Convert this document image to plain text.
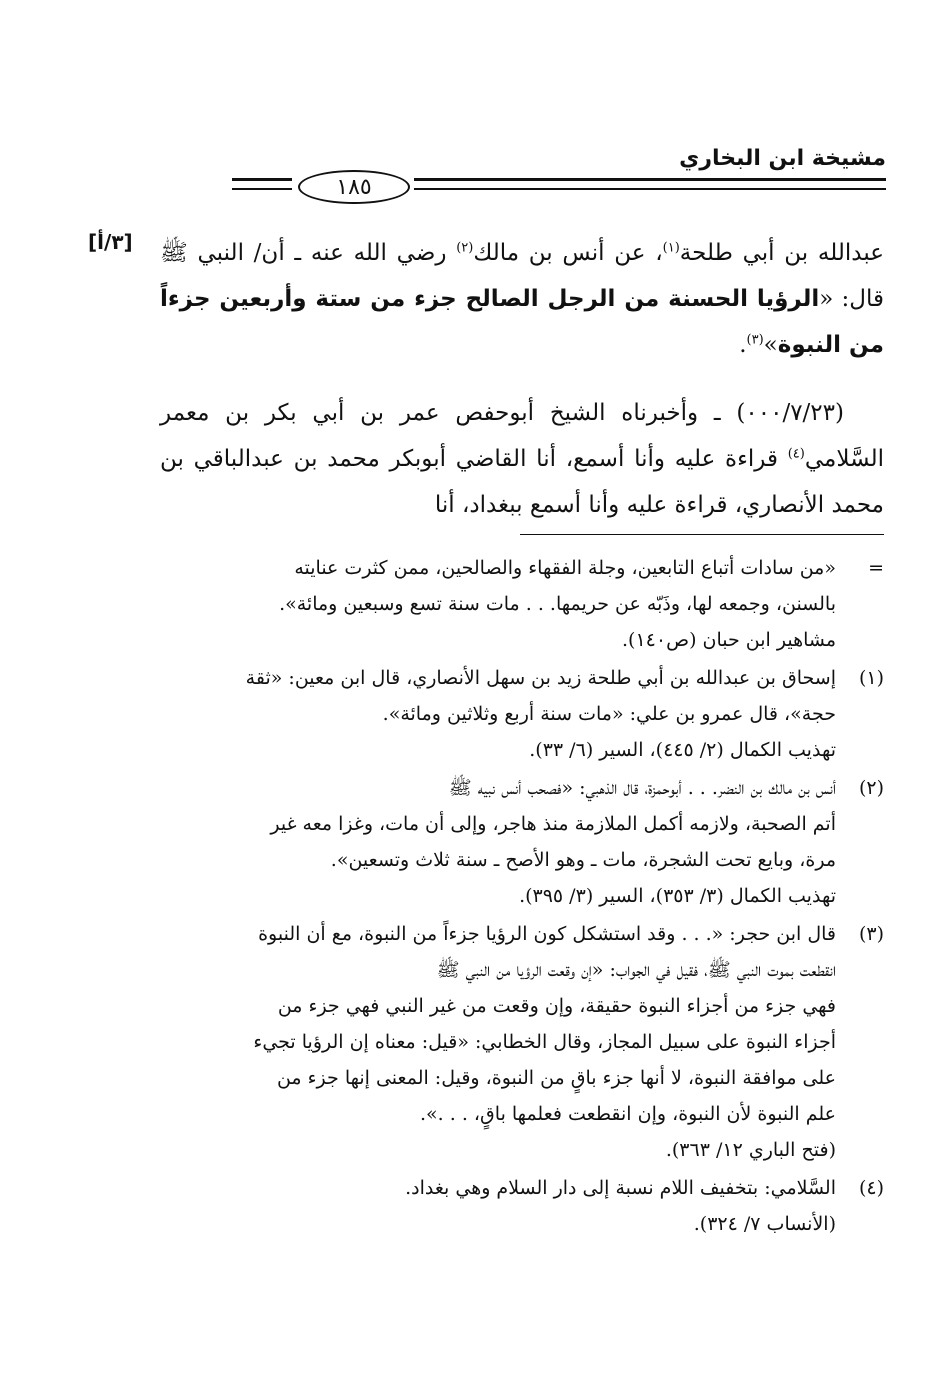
مشيخة ابن البخاري
١٨٥
[٣/أ]	عبدالله بن أبي طلحة$^{(١)}$، عن أنس بن مالك$^{(٢)}$ رضي الله عنه ـ أن/ النبي ﷺ قال: «الرؤيا الحسنة من الرجل الصالح جزء من ستة وأربعين جزءاً من النبوة»$^{(٣)}$.
(٠٠٠/٧/٢٣) ـ وأخبرناه الشيخ أبوحفص عمر بن أبي بكر بن معمر السَّلامي$^{(٤)}$ قراءة عليه وأنا أسمع، أنا القاضي أبوبكر محمد بن عبدالباقي بن محمد الأنصاري، قراءة عليه وأنا أسمع ببغداد، أنا
=
«من سادات أتباع التابعين، وجلة الفقهاء والصالحين، ممن كثرت عنايته
بالسنن، وجمعه لها، وذَبّه عن حريمها. . . مات سنة تسع وسبعين ومائة».
مشاهير ابن حبان (ص١٤٠).
(١)
إسحاق بن عبدالله بن أبي طلحة زيد بن سهل الأنصاري، قال ابن معين: «ثقة
حجة»، قال عمرو بن علي: «مات سنة أربع وثلاثين ومائة».
تهذيب الكمال (٢/ ٤٤٥)، السير (٦/ ٣٣).
(٢)
أنس بن مالك بن النضر. . . أبوحمزة، قال الذهبي: «فصحب أنس نبيه ﷺ
أتم الصحبة، ولازمه أكمل الملازمة منذ هاجر، وإلى أن مات، وغزا معه غير
مرة، وبايع تحت الشجرة، مات ـ وهو الأصح ـ سنة ثلاث وتسعين».
تهذيب الكمال (٣/ ٣٥٣)، السير (٣/ ٣٩٥).
(٣)
قال ابن حجر: «. . . وقد استشكل كون الرؤيا جزءاً من النبوة، مع أن النبوة
انقطعت بموت النبي ﷺ، فقيل في الجواب: «إن وقعت الرؤيا من النبي ﷺ
فهي جزء من أجزاء النبوة حقيقة، وإن وقعت من غير النبي فهي جزء من
أجزاء النبوة على سبيل المجاز، وقال الخطابي: «قيل: معناه إن الرؤيا تجيء
على موافقة النبوة، لا أنها جزء باقٍ من النبوة، وقيل: المعنى إنها جزء من
علم النبوة لأن النبوة، وإن انقطعت فعلمها باقٍ، . . .».
(فتح الباري ١٢/ ٣٦٣).
(٤)
السَّلامي: بتخفيف اللام نسبة إلى دار السلام وهي بغداد.
(الأنساب ٧/ ٣٢٤).
